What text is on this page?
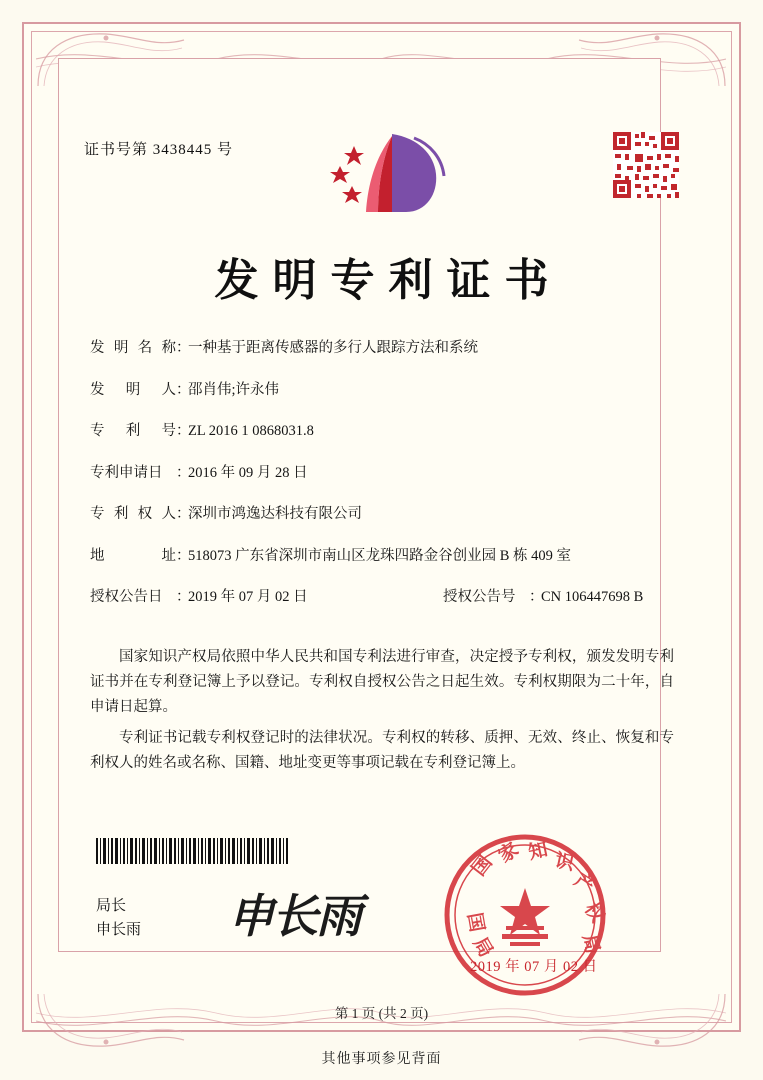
证书号第 3438445 号
发明专利证书
发 明 名 称 ：
一种基于距离传感器的多行人跟踪方法和系统
发 明 人 ：
邵肖伟;许永伟
专 利 号 ：
ZL 2016 1 0868031.8
专利申请日 ：
2016 年 09 月 28 日
专 利 权 人 ：
深圳市鸿逸达科技有限公司
地	址 ：
518073 广东省深圳市南山区龙珠四路金谷创业园 B 栋 409 室
授权公告日 ：
2019 年 07 月 02 日	授权公告号 ：
CN 106447698 B

国家知识产权局依照中华人民共和国专利法进行审查，决定授予专利权，颁发发明专利证书并在专利登记簿上予以登记。专利权自授权公告之日起生效。专利权期限为二十年，自申请日起算。

专利证书记载专利权登记时的法律状况。专利权的转移、质押、无效、终止、恢复和专利权人的姓名或名称、国籍、地址变更等事项记载在专利登记簿上。

局长
申长雨 申长雨
国
家 知 识
产
权
局
局
国
2019 年 07 月 02 日
第 1 页 (共 2 页)
其他事项参见背面
